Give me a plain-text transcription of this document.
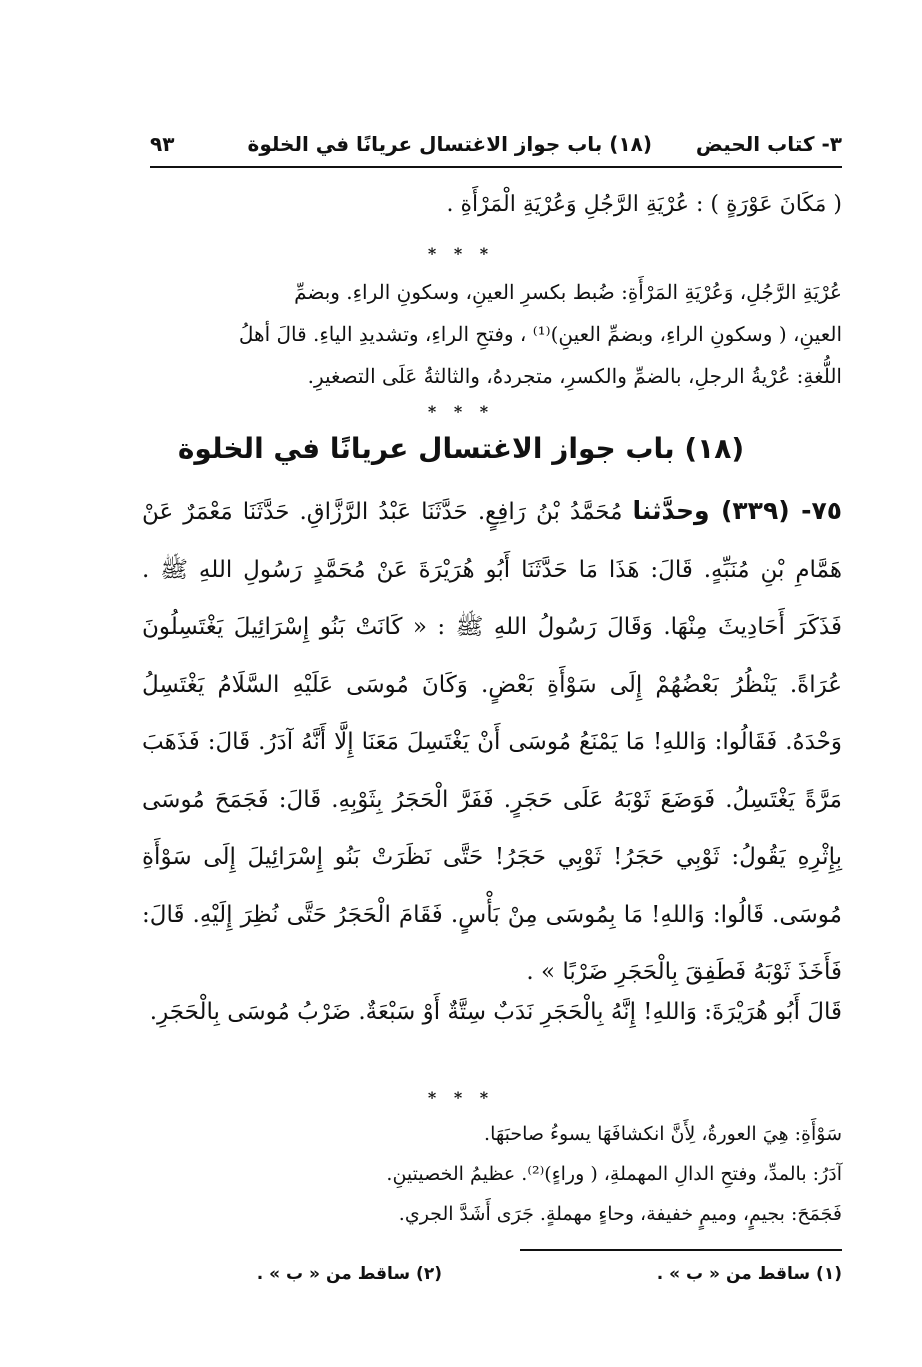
٣- كتاب الحيض
(١٨) باب جواز الاغتسال عريانًا في الخلوة
٩٣
( مَكَانَ عَوْرَةٍ ) : عُرْيَةِ الرَّجُلِ وَعُرْيَةِ الْمَرْأَةِ .
* * *
عُرْيَةِ الرَّجُلِ، وَعُرْيَةِ المَرْأَةِ: ضُبط بكسرِ العينِ، وسكونِ الراءِ. وبضمِّ
العينِ، ( وسكونِ الراءِ، وبضمِّ العينِ)⁽¹⁾ ، وفتحِ الراءِ، وتشديدِ الياءِ. قالَ أهلُ
اللُّغةِ: عُرْيةُ الرجلِ، بالضمِّ والكسرِ، متجردهُ، والثالثةُ عَلَى التصغيرِ.
* * *
(١٨) باب جواز الاغتسال عريانًا في الخلوة
٧٥- (٣٣٩) وحدَّثنا مُحَمَّدُ بْنُ رَافِعٍ. حَدَّثَنَا عَبْدُ الرَّزَّاقِ. حَدَّثَنَا مَعْمَرٌ عَنْ هَمَّامِ بْنِ مُنَبِّهٍ. قَالَ: هَذَا مَا حَدَّثَنَا أَبُو هُرَيْرَةَ عَنْ مُحَمَّدٍ رَسُولِ اللهِ ﷺ . فَذَكَرَ أَحَادِيثَ مِنْهَا. وَقَالَ رَسُولُ اللهِ ﷺ : « كَانَتْ بَنُو إِسْرَائِيلَ يَغْتَسِلُونَ عُرَاةً. يَنْظُرُ بَعْضُهُمْ إِلَى سَوْأَةِ بَعْضٍ. وَكَانَ مُوسَى عَلَيْهِ السَّلَامُ يَغْتَسِلُ وَحْدَهُ. فَقَالُوا: وَاللهِ! مَا يَمْنَعُ مُوسَى أَنْ يَغْتَسِلَ مَعَنَا إِلَّا أَنَّهُ آدَرُ. قَالَ: فَذَهَبَ مَرَّةً يَغْتَسِلُ. فَوَضَعَ ثَوْبَهُ عَلَى حَجَرٍ. فَفَرَّ الْحَجَرُ بِثَوْبِهِ. قَالَ: فَجَمَحَ مُوسَى بِإِثْرِهِ يَقُولُ: ثَوْبِي حَجَرُ! ثَوْبِي حَجَرُ! حَتَّى نَظَرَتْ بَنُو إِسْرَائِيلَ إِلَى سَوْأَةِ مُوسَى. قَالُوا: وَاللهِ! مَا بِمُوسَى مِنْ بَأْسٍ. فَقَامَ الْحَجَرُ حَتَّى نُظِرَ إِلَيْهِ. قَالَ: فَأَخَذَ ثَوْبَهُ فَطَفِقَ بِالْحَجَرِ ضَرْبًا » .
قَالَ أَبُو هُرَيْرَةَ: وَاللهِ! إِنَّهُ بِالْحَجَرِ نَدَبٌ سِتَّةٌ أَوْ سَبْعَةٌ. ضَرْبُ مُوسَى بِالْحَجَرِ.
* * *
سَوْأَةِ: هِيَ العورةُ، لِأَنَّ انكشافَهَا يسوءُ صاحبَهَا.
آدَرُ: بالمدِّ، وفتحِ الدالِ المهملةِ، ( وراءٍ)⁽²⁾. عظيمُ الخصيتينِ.
فَجَمَحَ: بجيمٍ، وميمٍ خفيفة، وحاءٍ مهملةٍ. جَرَى أَشَدَّ الجري.
(١) ساقط من « ب » .
(٢) ساقط من « ب » .
